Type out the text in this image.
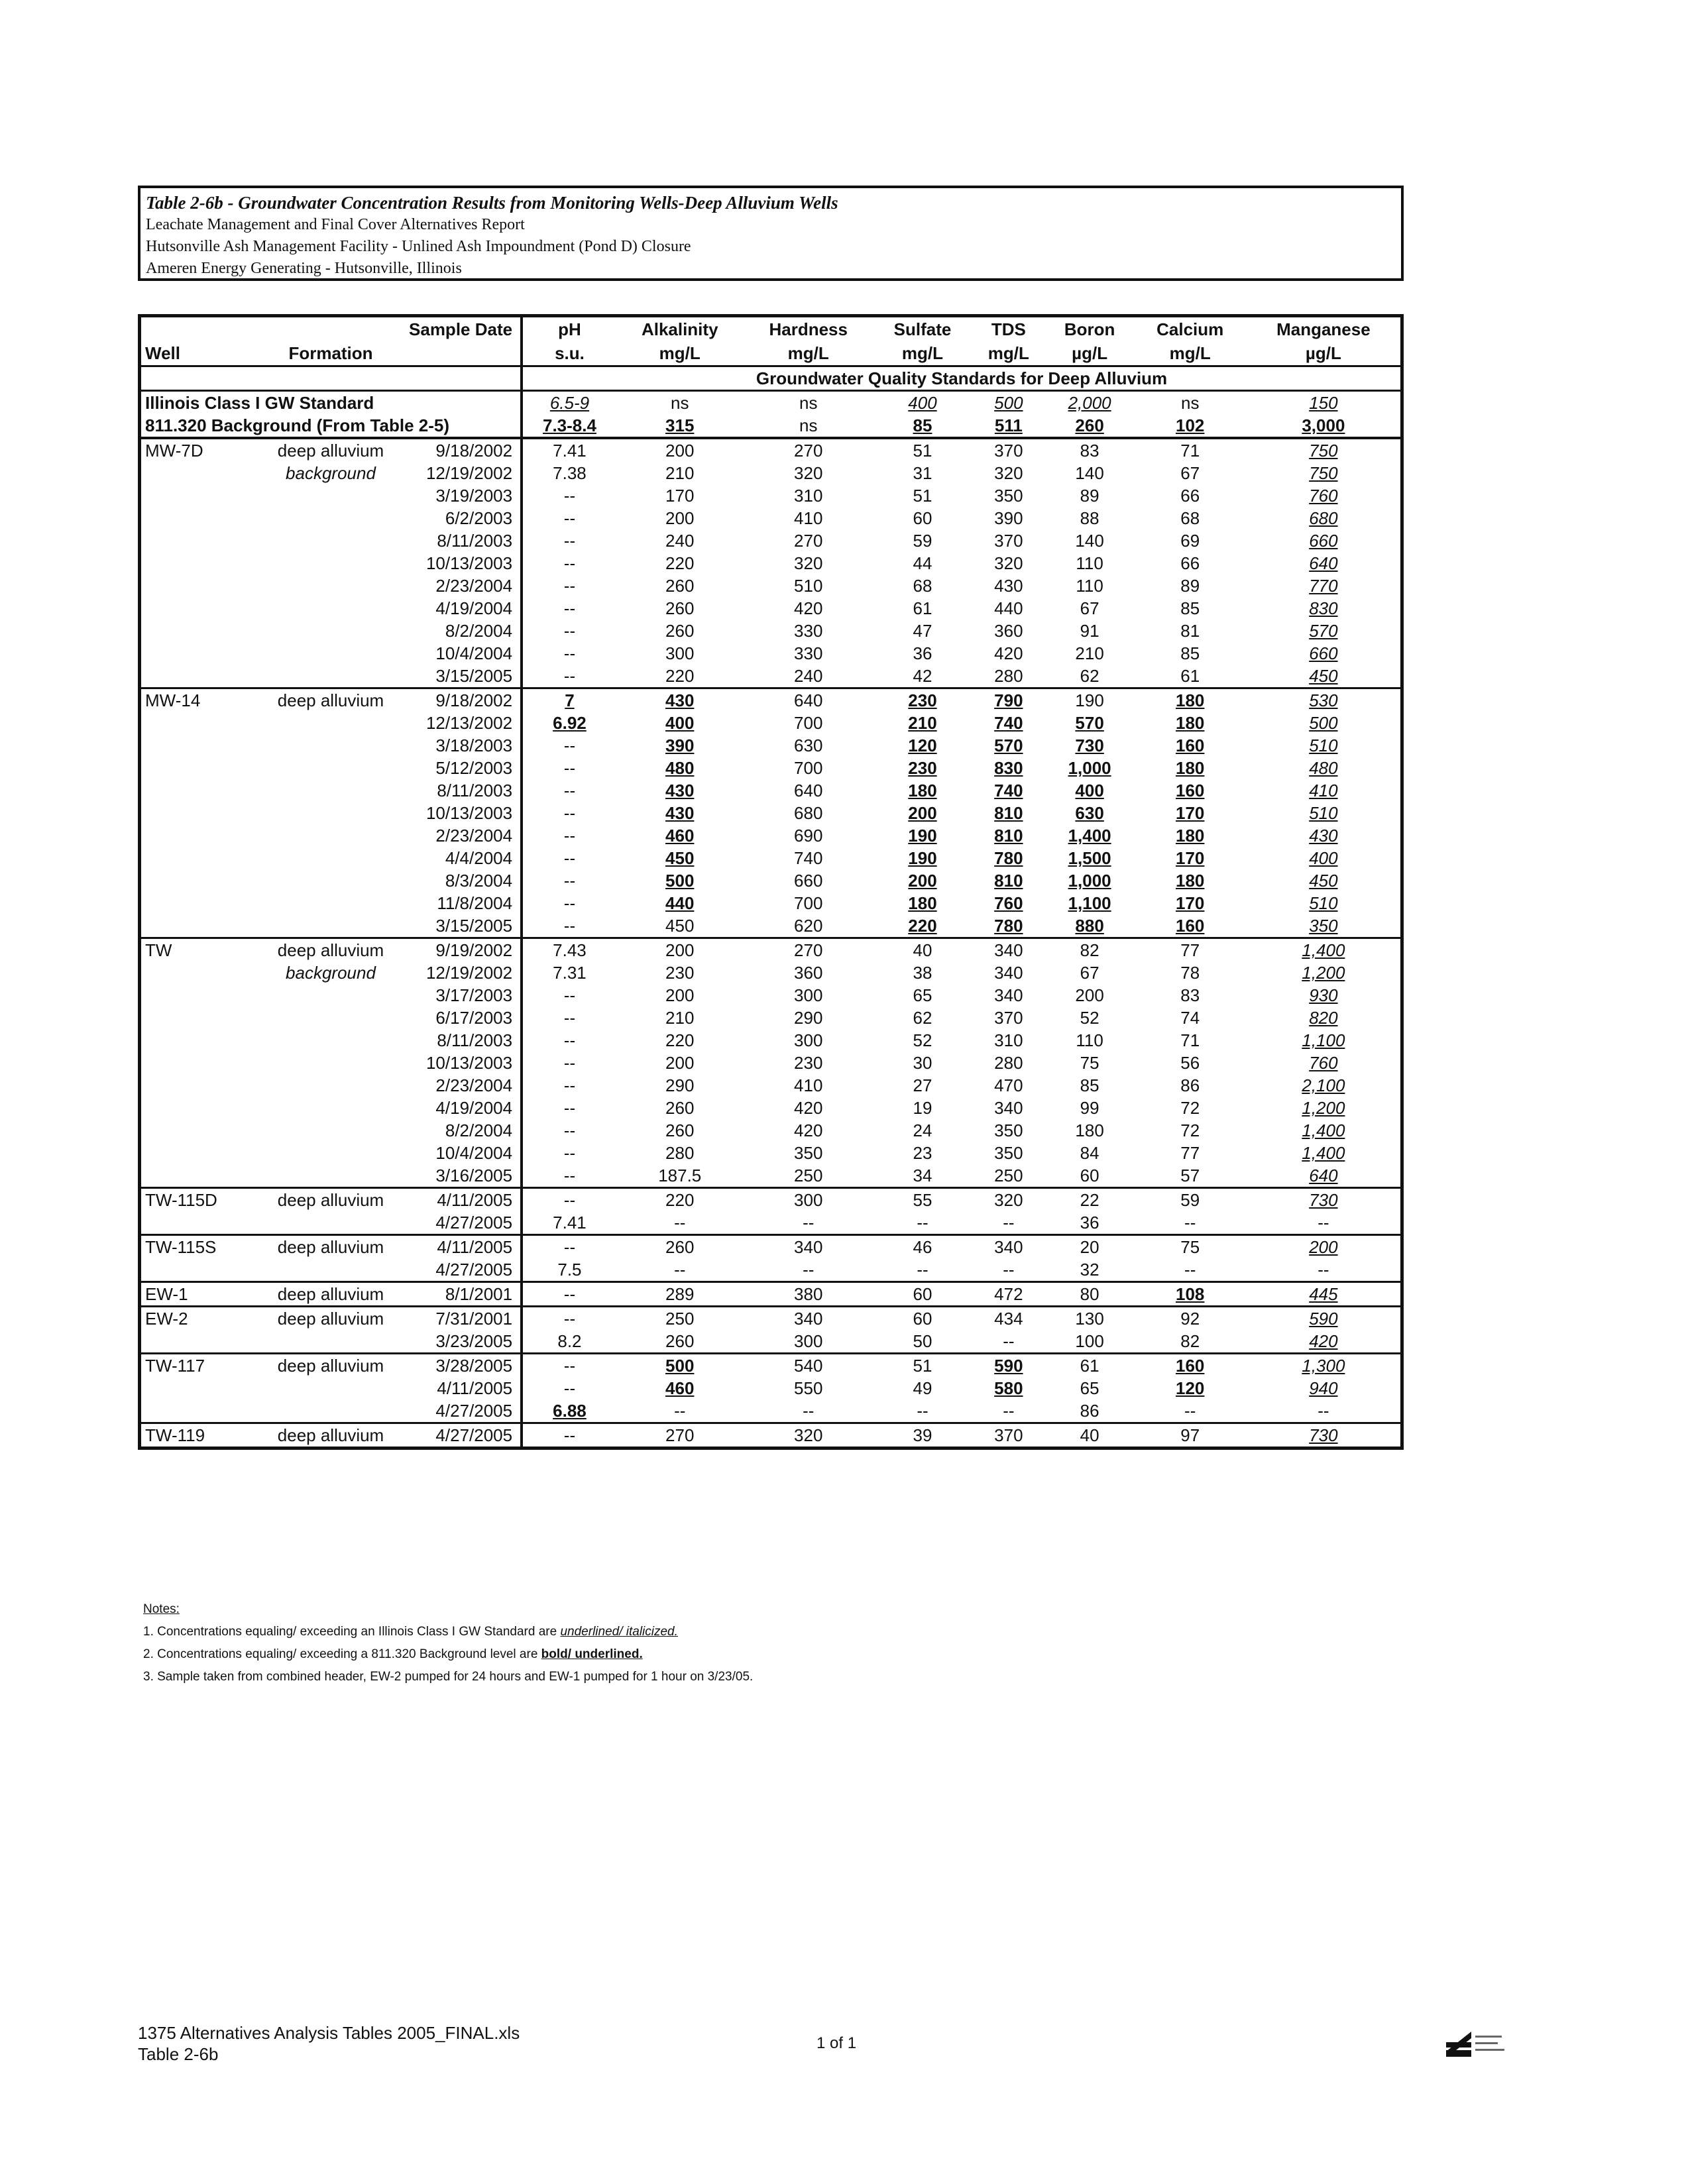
Table 2-6b - Groundwater Concentration Results from Monitoring Wells-Deep Alluvium Wells
Leachate Management and Final Cover Alternatives Report
Hutsonville Ash Management Facility - Unlined Ash Impoundment (Pond D) Closure
Ameren Energy Generating - Hutsonville, Illinois
		Sample Date	pH	Alkalinity	Hardness	Sulfate	TDS	Boron	Calcium	Manganese
Well	Formation		s.u.	mg/L	mg/L	mg/L	mg/L	µg/L	mg/L	µg/L
			Groundwater Quality Standards for Deep Alluvium							
Illinois Class I GW Standard			6.5-9	ns	ns	400	500	2,000	ns	150
811.320 Background (From Table 2-5)			7.3-8.4	315	ns	85	511	260	102	3,000
MW-7D	deep alluvium	9/18/2002	7.41	200	270	51	370	83	71	750
	background	12/19/2002	7.38	210	320	31	320	140	67	750
		3/19/2003	--	170	310	51	350	89	66	760
		6/2/2003	--	200	410	60	390	88	68	680
		8/11/2003	--	240	270	59	370	140	69	660
		10/13/2003	--	220	320	44	320	110	66	640
		2/23/2004	--	260	510	68	430	110	89	770
		4/19/2004	--	260	420	61	440	67	85	830
		8/2/2004	--	260	330	47	360	91	81	570
		10/4/2004	--	300	330	36	420	210	85	660
		3/15/2005	--	220	240	42	280	62	61	450
MW-14	deep alluvium	9/18/2002	7	430	640	230	790	190	180	530
		12/13/2002	6.92	400	700	210	740	570	180	500
		3/18/2003	--	390	630	120	570	730	160	510
		5/12/2003	--	480	700	230	830	1,000	180	480
		8/11/2003	--	430	640	180	740	400	160	410
		10/13/2003	--	430	680	200	810	630	170	510
		2/23/2004	--	460	690	190	810	1,400	180	430
		4/4/2004	--	450	740	190	780	1,500	170	400
		8/3/2004	--	500	660	200	810	1,000	180	450
		11/8/2004	--	440	700	180	760	1,100	170	510
		3/15/2005	--	450	620	220	780	880	160	350
TW	deep alluvium	9/19/2002	7.43	200	270	40	340	82	77	1,400
	background	12/19/2002	7.31	230	360	38	340	67	78	1,200
		3/17/2003	--	200	300	65	340	200	83	930
		6/17/2003	--	210	290	62	370	52	74	820
		8/11/2003	--	220	300	52	310	110	71	1,100
		10/13/2003	--	200	230	30	280	75	56	760
		2/23/2004	--	290	410	27	470	85	86	2,100
		4/19/2004	--	260	420	19	340	99	72	1,200
		8/2/2004	--	260	420	24	350	180	72	1,400
		10/4/2004	--	280	350	23	350	84	77	1,400
		3/16/2005	--	187.5	250	34	250	60	57	640
TW-115D	deep alluvium	4/11/2005	--	220	300	55	320	22	59	730
		4/27/2005	7.41	--	--	--	--	36	--	--
TW-115S	deep alluvium	4/11/2005	--	260	340	46	340	20	75	200
		4/27/2005	7.5	--	--	--	--	32	--	--
EW-1	deep alluvium	8/1/2001	--	289	380	60	472	80	108	445
EW-2	deep alluvium	7/31/2001	--	250	340	60	434	130	92	590
		3/23/2005	8.2	260	300	50	--	100	82	420
TW-117	deep alluvium	3/28/2005	--	500	540	51	590	61	160	1,300
		4/11/2005	--	460	550	49	580	65	120	940
		4/27/2005	6.88	--	--	--	--	86	--	--
TW-119	deep alluvium	4/27/2005	--	270	320	39	370	40	97	730
Notes:
1. Concentrations equaling/ exceeding an Illinois Class I GW Standard are underlined/ italicized.
2. Concentrations equaling/ exceeding a 811.320 Background level are bold/ underlined.
3. Sample taken from combined header, EW-2 pumped for 24 hours and EW-1 pumped for 1 hour on 3/23/05.
1375 Alternatives Analysis Tables 2005_FINAL.xls
Table 2-6b
1 of 1
